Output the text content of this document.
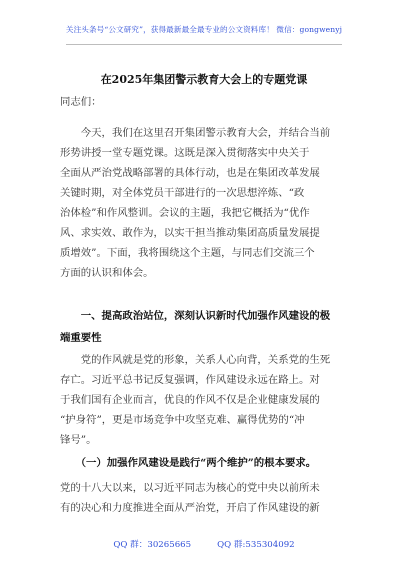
关注头条号“公文研究”，获得最新最全最专业的公文资料库！ 微信：gongwenyj
在2025年集团警示教育大会上的专题党课
同志们：
　　今天，我们在这里召开集团警示教育大会，并结合当前
形势讲授一堂专题党课。这既是深入贯彻落实中央关于
全面从严治党战略部署的具体行动，也是在集团改革发展
关键时期，对全体党员干部进行的一次思想淬炼、“政
治体检”和作风整训。会议的主题，我把它概括为“优作
风、求实效、敢作为，以实干担当推动集团高质量发展提
质增效”。下面，我将围绕这个主题，与同志们交流三个
方面的认识和体会。
　　一、提高政治站位，深刻认识新时代加强作风建设的极
端重要性
　　党的作风就是党的形象，关系人心向背，关系党的生死
存亡。习近平总书记反复强调，作风建设永远在路上。对
于我们国有企业而言，优良的作风不仅是企业健康发展的
“护身符”，更是市场竞争中攻坚克难、赢得优势的“冲
锋号”。
　　（一）加强作风建设是践行“两个维护”的根本要求。
党的十八大以来，以习近平同志为核心的党中央以前所未
有的决心和力度推进全面从严治党，开启了作风建设的新
QQ 群：30265665	QQ 群:535304092
